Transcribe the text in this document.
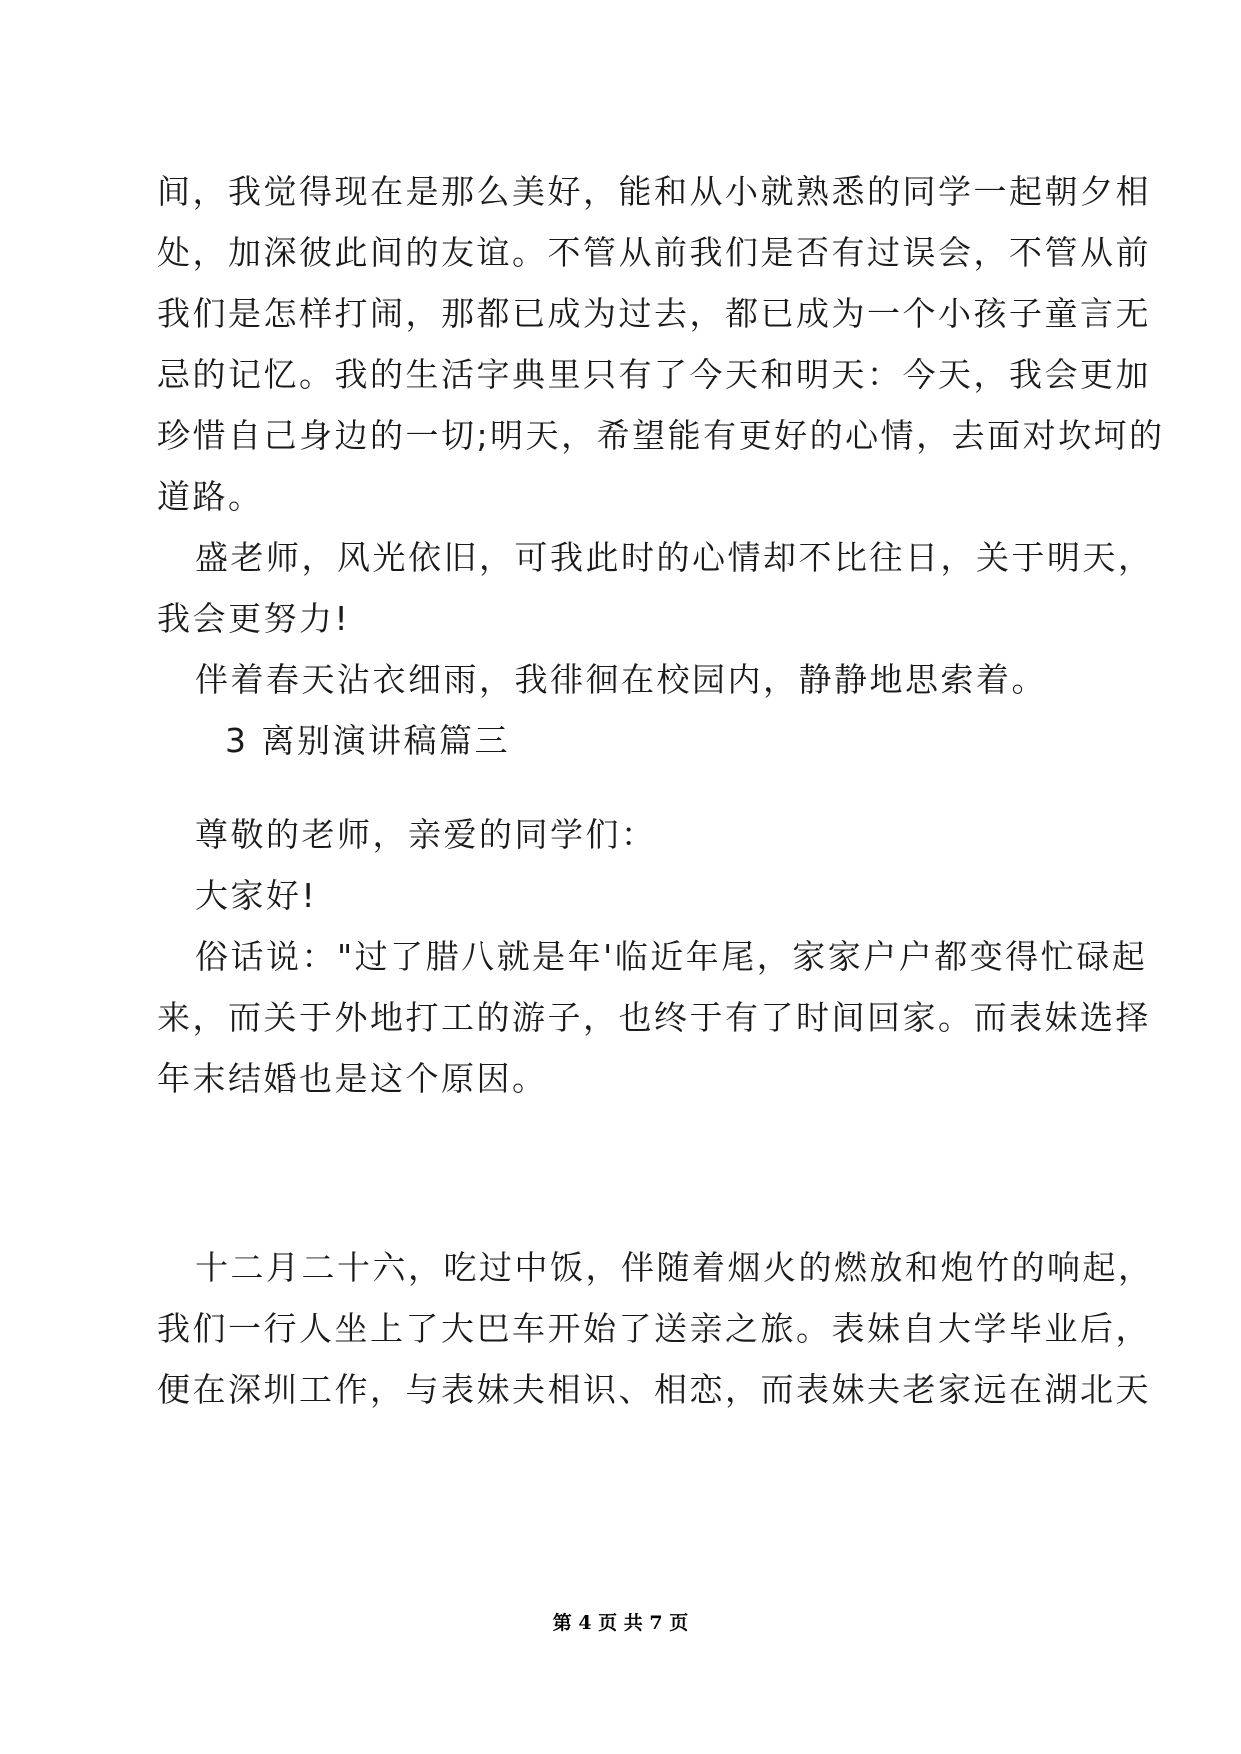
间，我觉得现在是那么美好，能和从小就熟悉的同学一起朝夕相

处，加深彼此间的友谊。不管从前我们是否有过误会，不管从前

我们是怎样打闹，那都已成为过去，都已成为一个小孩子童言无

忌的记忆。我的生活字典里只有了今天和明天：今天，我会更加

珍惜自己身边的一切;明天，希望能有更好的心情，去面对坎坷的

道路。

盛老师，风光依旧，可我此时的心情却不比往日，关于明天，

我会更努力!

伴着春天沾衣细雨，我徘徊在校园内，静静地思索着。

3 离别演讲稿篇三

尊敬的老师，亲爱的同学们：

大家好!

俗话说："过了腊八就是年'临近年尾，家家户户都变得忙碌起

来，而关于外地打工的游子，也终于有了时间回家。而表妹选择

年末结婚也是这个原因。

十二月二十六，吃过中饭，伴随着烟火的燃放和炮竹的响起，

我们一行人坐上了大巴车开始了送亲之旅。表妹自大学毕业后，

便在深圳工作，与表妹夫相识、相恋，而表妹夫老家远在湖北天

第 4 页 共 7 页
